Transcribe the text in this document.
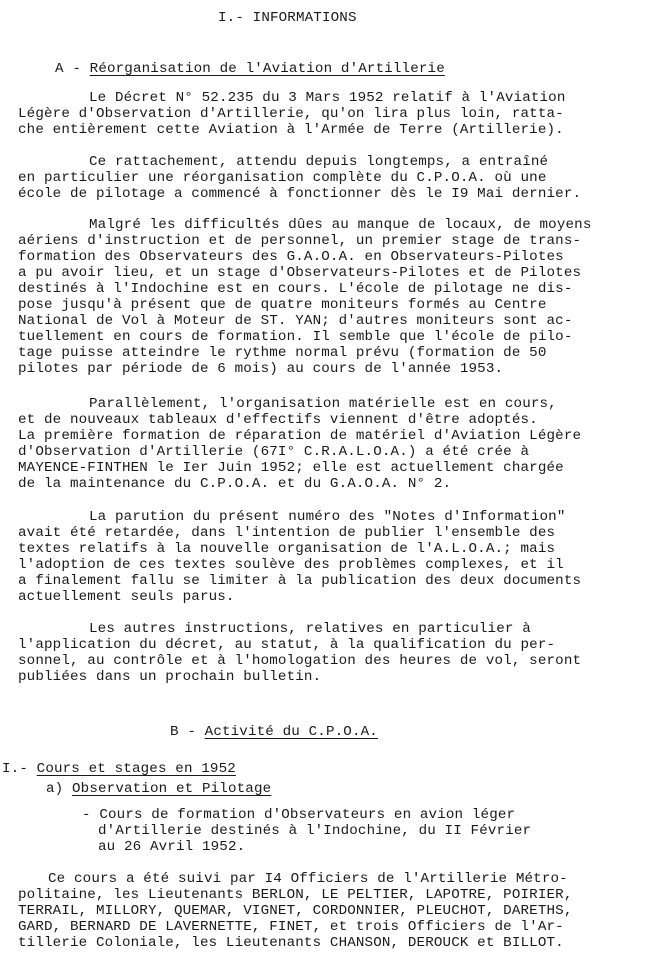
I.- INFORMATIONS
A - Réorganisation de l'Aviation d'Artillerie
Le Décret N° 52.235 du 3 Mars 1952 relatif à l'Aviation
Légère d'Observation d'Artillerie, qu'on lira plus loin, ratta-
che entièrement cette Aviation à l'Armée de Terre (Artillerie).
Ce rattachement, attendu depuis longtemps, a entraîné
en particulier une réorganisation complète du C.P.O.A. où une
école de pilotage a commencé à fonctionner dès le I9 Mai dernier.
Malgré les difficultés dûes au manque de locaux, de moyens
aériens d'instruction et de personnel, un premier stage de trans-
formation des Observateurs des G.A.O.A. en Observateurs-Pilotes
a pu avoir lieu, et un stage d'Observateurs-Pilotes et de Pilotes
destinés à l'Indochine est en cours. L'école de pilotage ne dis-
pose jusqu'à présent que de quatre moniteurs formés au Centre
National de Vol à Moteur de ST. YAN; d'autres moniteurs sont ac-
tuellement en cours de formation. Il semble que l'école de pilo-
tage puisse atteindre le rythme normal prévu (formation de 50
pilotes par période de 6 mois) au cours de l'année 1953.
Parallèlement, l'organisation matérielle est en cours,
et de nouveaux tableaux d'effectifs viennent d'être adoptés.
La première formation de réparation de matériel d'Aviation Légère
d'Observation d'Artillerie (67I° C.R.A.L.O.A.) a été crée à
MAYENCE-FINTHEN le Ier Juin 1952; elle est actuellement chargée
de la maintenance du C.P.O.A. et du G.A.O.A. N° 2.
La parution du présent numéro des "Notes d'Information"
avait été retardée, dans l'intention de publier l'ensemble des
textes relatifs à la nouvelle organisation de l'A.L.O.A.; mais
l'adoption de ces textes soulève des problèmes complexes, et il
a finalement fallu se limiter à la publication des deux documents
actuellement seuls parus.
Les autres instructions, relatives en particulier à
l'application du décret, au statut, à la qualification du per-
sonnel, au contrôle et à l'homologation des heures de vol, seront
publiées dans un prochain bulletin.
B - Activité du C.P.O.A.
I.- Cours et stages en 1952
a) Observation et Pilotage
- Cours de formation d'Observateurs en avion léger
d'Artillerie destinés à l'Indochine, du II Février
au 26 Avril 1952.
Ce cours a été suivi par I4 Officiers de l'Artillerie Métro-
politaine, les Lieutenants BERLON, LE PELTIER, LAPOTRE, POIRIER,
TERRAIL, MILLORY, QUEMAR, VIGNET, CORDONNIER, PLEUCHOT, DARETHS,
GARD, BERNARD DE LAVERNETTE, FINET, et trois Officiers de l'Ar-
tillerie Coloniale, les Lieutenants CHANSON, DEROUCK et BILLOT.
